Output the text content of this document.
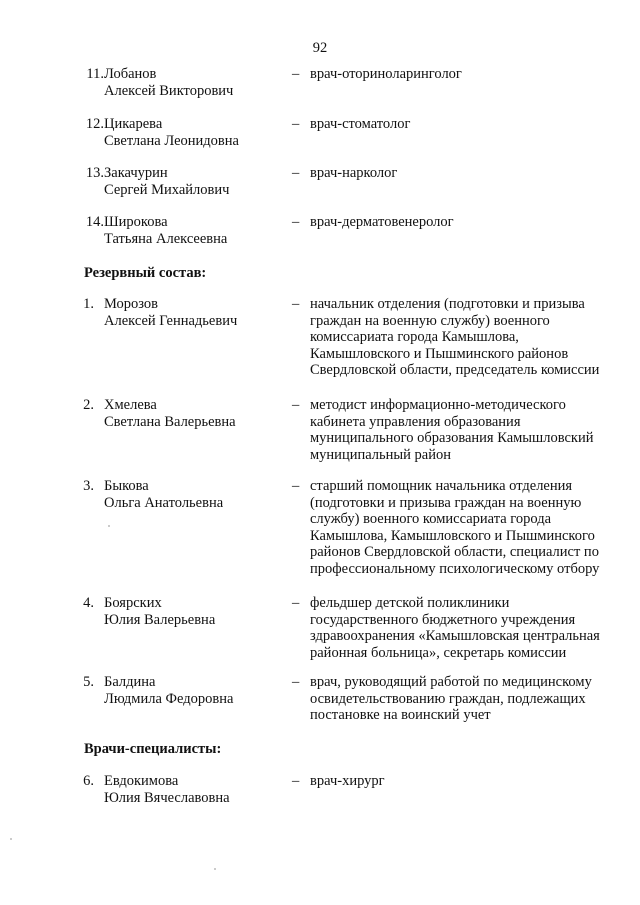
92
11. Лобанов
Алексей Викторович
– врач-оториноларинголог
12. Цикарева
Светлана Леонидовна
– врач-стоматолог
13. Закачурин
Сергей Михайлович
– врач-нарколог
14. Широкова
Татьяна Алексеевна
– врач-дерматовенеролог
Резервный состав:
1. Морозов
Алексей Геннадьевич
– начальник отделения (подготовки и призыва
граждан на военную службу) военного
комиссариата города Камышлова,
Камышловского и Пышминского районов
Свердловской области, председатель комиссии
2. Хмелева
Светлана Валерьевна
– методист информационно-методического
кабинета управления образования
муниципального образования Камышловский
муниципальный район
3. Быкова
Ольга Анатольевна
– старший помощник начальника отделения
(подготовки и призыва граждан на военную
службу) военного комиссариата города
Камышлова, Камышловского и Пышминского
районов Свердловской области, специалист по
профессиональному психологическому отбору
4. Боярских
Юлия Валерьевна
– фельдшер детской поликлиники
государственного бюджетного учреждения
здравоохранения «Камышловская центральная
районная больница», секретарь комиссии
5. Балдина
Людмила Федоровна
– врач, руководящий работой по медицинскому
освидетельствованию граждан, подлежащих
постановке на воинский учет
Врачи-специалисты:
6. Евдокимова
Юлия Вячеславовна
– врач-хирург
